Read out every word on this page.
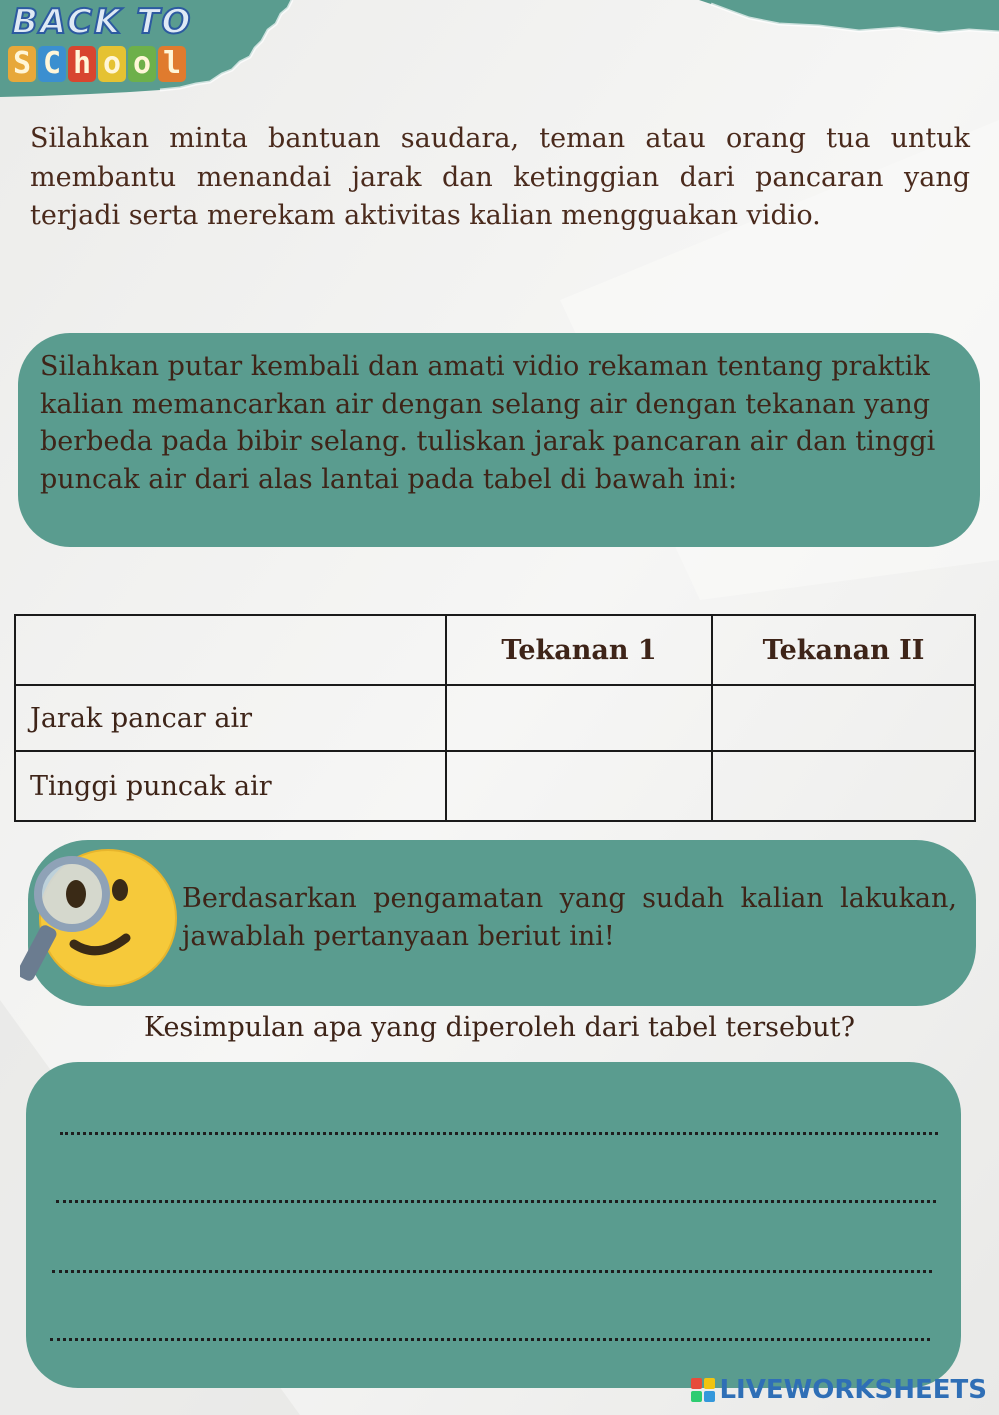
BACK TO
S C h o o l
Silahkan minta bantuan saudara, teman atau orang tua untuk membantu menandai jarak dan ketinggian dari pancaran yang terjadi serta merekam aktivitas kalian mengguakan vidio.
Silahkan putar kembali dan amati vidio rekaman tentang praktik kalian memancarkan air dengan selang air dengan tekanan yang berbeda pada bibir selang. tuliskan jarak pancaran air dan tinggi puncak air dari alas lantai pada tabel di bawah ini:
	Tekanan 1	Tekanan II
Jarak pancar air		
Tinggi puncak air		
Berdasarkan pengamatan yang sudah kalian lakukan, jawablah pertanyaan beriut ini!
Kesimpulan apa yang diperoleh dari tabel tersebut?
LIVEWORKSHEETS
